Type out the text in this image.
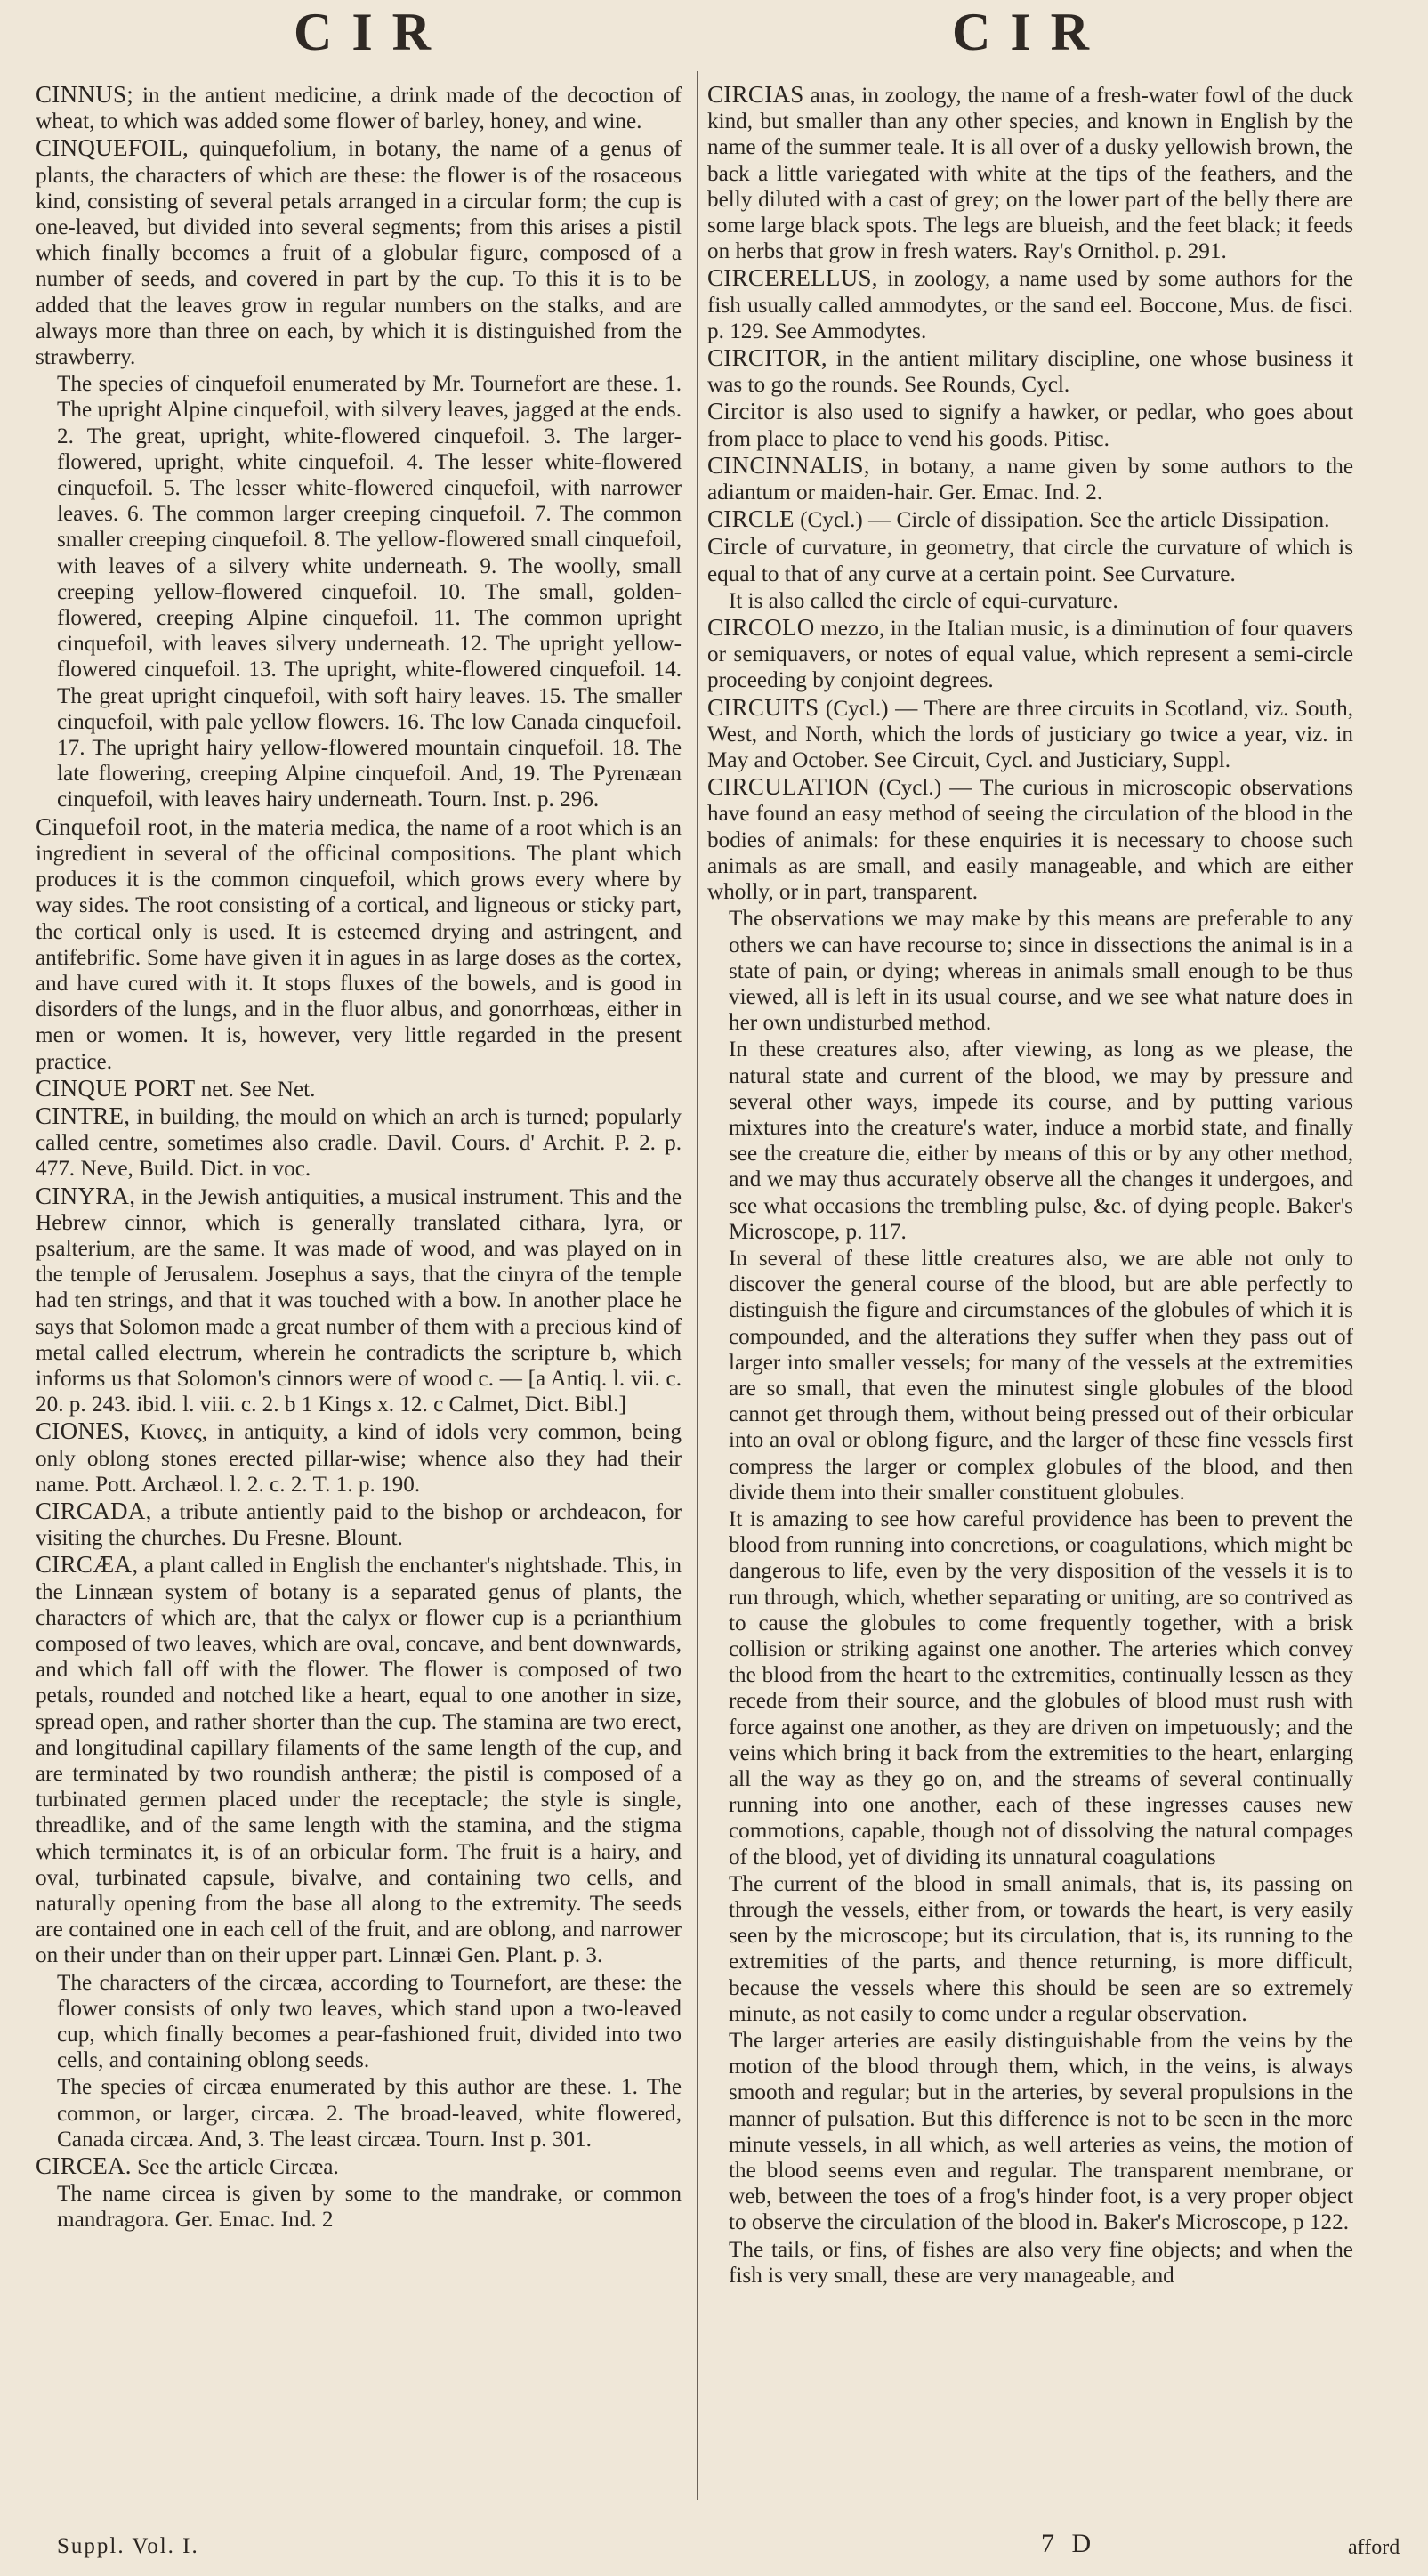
CIR	CIR

CINNUS; in the antient medicine, a drink made of the decoction of wheat, to which was added some flower of barley, honey, and wine.

CINQUEFOIL, quinquefolium, in botany, the name of a genus of plants, the characters of which are these: the flower is of the rosaceous kind, consisting of several petals arranged in a circular form; the cup is one-leaved, but divided into several segments; from this arises a pistil which finally becomes a fruit of a globular figure, composed of a number of seeds, and covered in part by the cup. To this it is to be added that the leaves grow in regular numbers on the stalks, and are always more than three on each, by which it is distinguished from the strawberry.

The species of cinquefoil enumerated by Mr. Tournefort are these. 1. The upright Alpine cinquefoil, with silvery leaves, jagged at the ends. 2. The great, upright, white-flowered cinquefoil. 3. The larger-flowered, upright, white cinquefoil. 4. The lesser white-flowered cinquefoil. 5. The lesser white-flowered cinquefoil, with narrower leaves. 6. The common larger creeping cinquefoil. 7. The common smaller creeping cinquefoil. 8. The yellow-flowered small cinquefoil, with leaves of a silvery white underneath. 9. The woolly, small creeping yellow-flowered cinquefoil. 10. The small, golden-flowered, creeping Alpine cinquefoil. 11. The common upright cinquefoil, with leaves silvery underneath. 12. The upright yellow-flowered cinquefoil. 13. The upright, white-flowered cinquefoil. 14. The great upright cinquefoil, with soft hairy leaves. 15. The smaller cinquefoil, with pale yellow flowers. 16. The low Canada cinquefoil. 17. The upright hairy yellow-flowered mountain cinquefoil. 18. The late flowering, creeping Alpine cinquefoil. And, 19. The Pyrenæan cinquefoil, with leaves hairy underneath. Tourn. Inst. p. 296.

Cinquefoil root, in the materia medica, the name of a root which is an ingredient in several of the officinal compositions. The plant which produces it is the common cinquefoil, which grows every where by way sides. The root consisting of a cortical, and ligneous or sticky part, the cortical only is used. It is esteemed drying and astringent, and antifebrific. Some have given it in agues in as large doses as the cortex, and have cured with it. It stops fluxes of the bowels, and is good in disorders of the lungs, and in the fluor albus, and gonorrhœas, either in men or women. It is, however, very little regarded in the present practice.

CINQUE PORT net. See Net.

CINTRE, in building, the mould on which an arch is turned; popularly called centre, sometimes also cradle. Davil. Cours. d' Archit. P. 2. p. 477. Neve, Build. Dict. in voc.

CINYRA, in the Jewish antiquities, a musical instrument. This and the Hebrew cinnor, which is generally translated cithara, lyra, or psalterium, are the same. It was made of wood, and was played on in the temple of Jerusalem. Josephus a says, that the cinyra of the temple had ten strings, and that it was touched with a bow. In another place he says that Solomon made a great number of them with a precious kind of metal called electrum, wherein he contradicts the scripture b, which informs us that Solomon's cinnors were of wood c. — [a Antiq. l. vii. c. 20. p. 243. ibid. l. viii. c. 2. b 1 Kings x. 12. c Calmet, Dict. Bibl.]

CIONES, Κιονες, in antiquity, a kind of idols very common, being only oblong stones erected pillar-wise; whence also they had their name. Pott. Archæol. l. 2. c. 2. T. 1. p. 190.

CIRCADA, a tribute antiently paid to the bishop or archdeacon, for visiting the churches. Du Fresne. Blount.

CIRCÆA, a plant called in English the enchanter's nightshade. This, in the Linnæan system of botany is a separated genus of plants, the characters of which are, that the calyx or flower cup is a perianthium composed of two leaves, which are oval, concave, and bent downwards, and which fall off with the flower. The flower is composed of two petals, rounded and notched like a heart, equal to one another in size, spread open, and rather shorter than the cup. The stamina are two erect, and longitudinal capillary filaments of the same length of the cup, and are terminated by two roundish antheræ; the pistil is composed of a turbinated germen placed under the receptacle; the style is single, threadlike, and of the same length with the stamina, and the stigma which terminates it, is of an orbicular form. The fruit is a hairy, and oval, turbinated capsule, bivalve, and containing two cells, and naturally opening from the base all along to the extremity. The seeds are contained one in each cell of the fruit, and are oblong, and narrower on their under than on their upper part. Linnæi Gen. Plant. p. 3.

The characters of the circæa, according to Tournefort, are these: the flower consists of only two leaves, which stand upon a two-leaved cup, which finally becomes a pear-fashioned fruit, divided into two cells, and containing oblong seeds.

The species of circæa enumerated by this author are these. 1. The common, or larger, circæa. 2. The broad-leaved, white flowered, Canada circæa. And, 3. The least circæa. Tourn. Inst p. 301.

CIRCEA. See the article Circæa.

The name circea is given by some to the mandrake, or common mandragora. Ger. Emac. Ind. 2

CIRCIAS anas, in zoology, the name of a fresh-water fowl of the duck kind, but smaller than any other species, and known in English by the name of the summer teale. It is all over of a dusky yellowish brown, the back a little variegated with white at the tips of the feathers, and the belly diluted with a cast of grey; on the lower part of the belly there are some large black spots. The legs are blueish, and the feet black; it feeds on herbs that grow in fresh waters. Ray's Ornithol. p. 291.

CIRCERELLUS, in zoology, a name used by some authors for the fish usually called ammodytes, or the sand eel. Boccone, Mus. de fisci. p. 129. See Ammodytes.

CIRCITOR, in the antient military discipline, one whose business it was to go the rounds. See Rounds, Cycl.

Circitor is also used to signify a hawker, or pedlar, who goes about from place to place to vend his goods. Pitisc.

CINCINNALIS, in botany, a name given by some authors to the adiantum or maiden-hair. Ger. Emac. Ind. 2.

CIRCLE (Cycl.) — Circle of dissipation. See the article Dissipation.

Circle of curvature, in geometry, that circle the curvature of which is equal to that of any curve at a certain point. See Curvature.

It is also called the circle of equi-curvature.

CIRCOLO mezzo, in the Italian music, is a diminution of four quavers or semiquavers, or notes of equal value, which represent a semi-circle proceeding by conjoint degrees.

CIRCUITS (Cycl.) — There are three circuits in Scotland, viz. South, West, and North, which the lords of justiciary go twice a year, viz. in May and October. See Circuit, Cycl. and Justiciary, Suppl.

CIRCULATION (Cycl.) — The curious in microscopic observations have found an easy method of seeing the circulation of the blood in the bodies of animals: for these enquiries it is necessary to choose such animals as are small, and easily manageable, and which are either wholly, or in part, transparent.

The observations we may make by this means are preferable to any others we can have recourse to; since in dissections the animal is in a state of pain, or dying; whereas in animals small enough to be thus viewed, all is left in its usual course, and we see what nature does in her own undisturbed method.

In these creatures also, after viewing, as long as we please, the natural state and current of the blood, we may by pressure and several other ways, impede its course, and by putting various mixtures into the creature's water, induce a morbid state, and finally see the creature die, either by means of this or by any other method, and we may thus accurately observe all the changes it undergoes, and see what occasions the trembling pulse, &c. of dying people. Baker's Microscope, p. 117.

In several of these little creatures also, we are able not only to discover the general course of the blood, but are able perfectly to distinguish the figure and circumstances of the globules of which it is compounded, and the alterations they suffer when they pass out of larger into smaller vessels; for many of the vessels at the extremities are so small, that even the minutest single globules of the blood cannot get through them, without being pressed out of their orbicular into an oval or oblong figure, and the larger of these fine vessels first compress the larger or complex globules of the blood, and then divide them into their smaller constituent globules.

It is amazing to see how careful providence has been to prevent the blood from running into concretions, or coagulations, which might be dangerous to life, even by the very disposition of the vessels it is to run through, which, whether separating or uniting, are so contrived as to cause the globules to come frequently together, with a brisk collision or striking against one another. The arteries which convey the blood from the heart to the extremities, continually lessen as they recede from their source, and the globules of blood must rush with force against one another, as they are driven on impetuously; and the veins which bring it back from the extremities to the heart, enlarging all the way as they go on, and the streams of several continually running into one another, each of these ingresses causes new commotions, capable, though not of dissolving the natural compages of the blood, yet of dividing its unnatural coagulations

The current of the blood in small animals, that is, its passing on through the vessels, either from, or towards the heart, is very easily seen by the microscope; but its circulation, that is, its running to the extremities of the parts, and thence returning, is more difficult, because the vessels where this should be seen are so extremely minute, as not easily to come under a regular observation.

The larger arteries are easily distinguishable from the veins by the motion of the blood through them, which, in the veins, is always smooth and regular; but in the arteries, by several propulsions in the manner of pulsation. But this difference is not to be seen in the more minute vessels, in all which, as well arteries as veins, the motion of the blood seems even and regular. The transparent membrane, or web, between the toes of a frog's hinder foot, is a very proper object to observe the circulation of the blood in. Baker's Microscope, p 122.

The tails, or fins, of fishes are also very fine objects; and when the fish is very small, these are very manageable, and

Suppl. Vol. I.	7 D	afford
